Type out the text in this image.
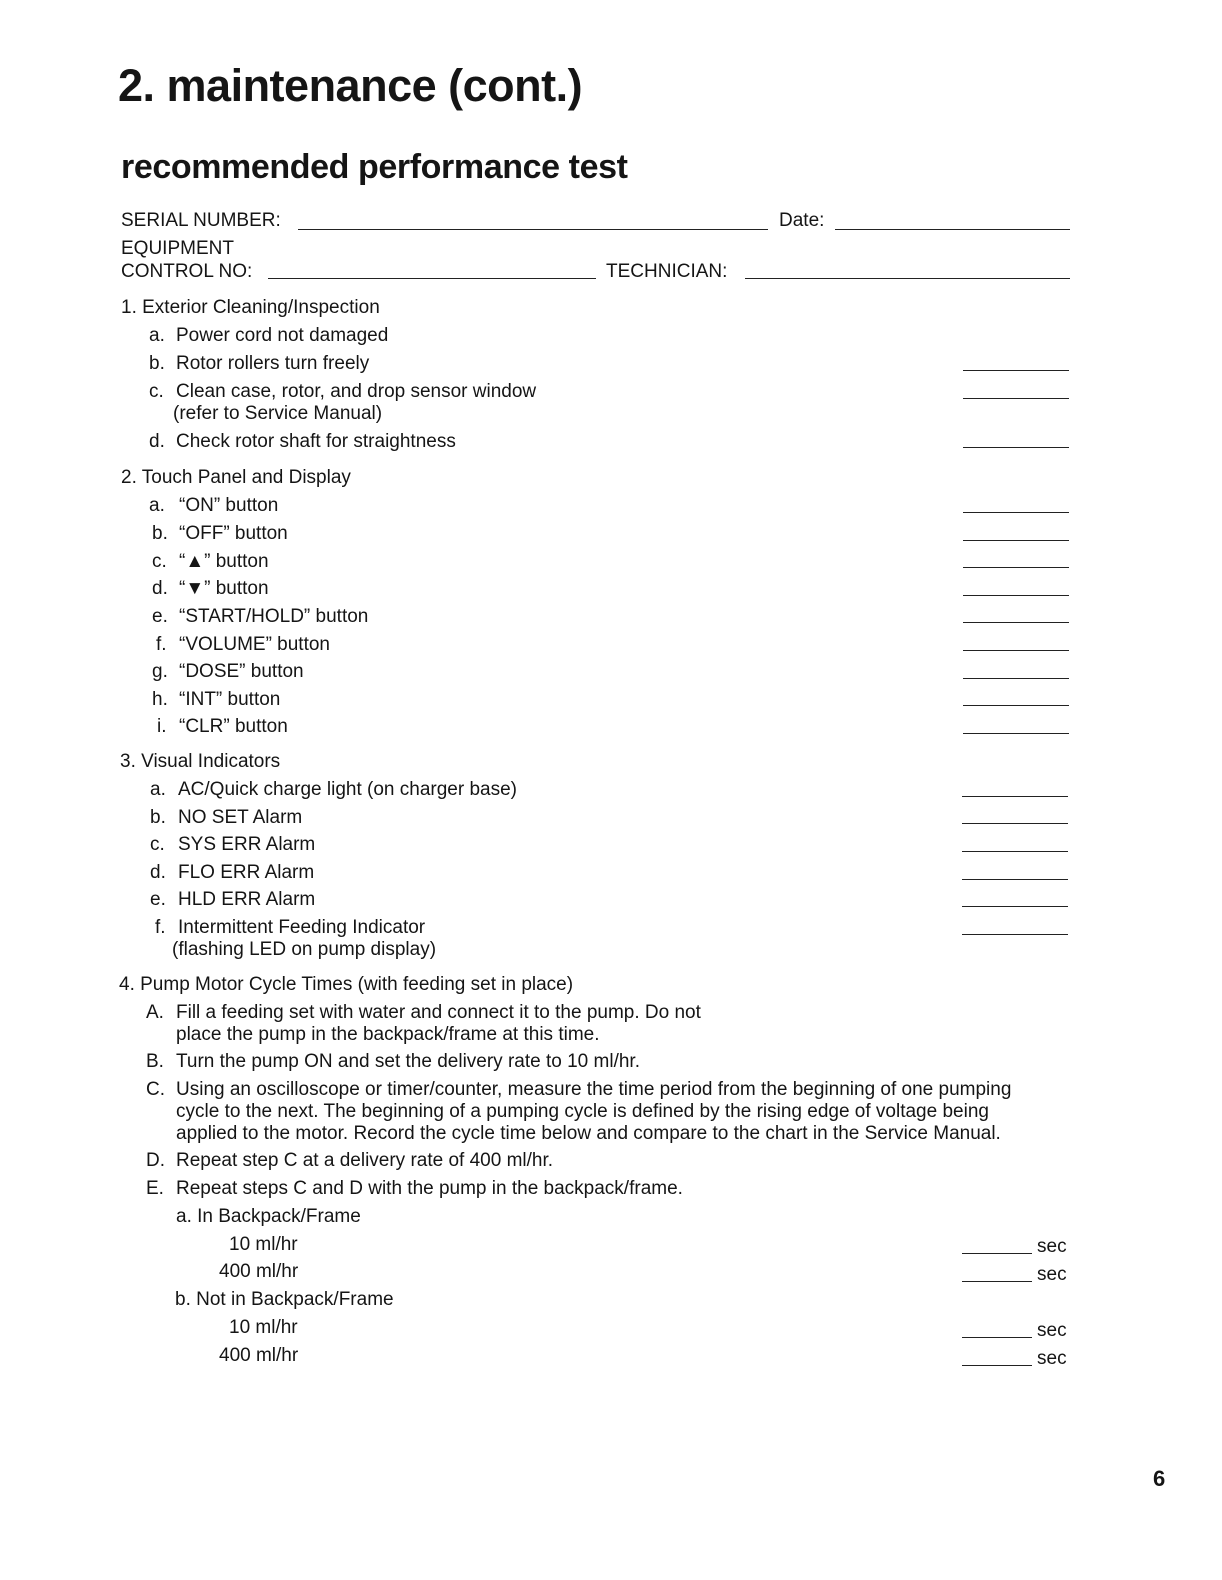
2. maintenance (cont.)
recommended performance test
SERIAL NUMBER:	Date:
EQUIPMENT
CONTROL NO:	TECHNICIAN:
1. Exterior Cleaning/Inspection
a. Power cord not damaged
b. Rotor rollers turn freely
c. Clean case, rotor, and drop sensor window
(refer to Service Manual)
d. Check rotor shaft for straightness
2. Touch Panel and Display
a. “ON” button
b. “OFF” button
c. “▲” button
d. “▼” button
e. “START/HOLD” button
f. “VOLUME” button
g. “DOSE” button
h. “INT” button
i. “CLR” button
3. Visual Indicators
a. AC/Quick charge light (on charger base)
b. NO SET Alarm
c. SYS ERR Alarm
d. FLO ERR Alarm
e. HLD ERR Alarm
f. Intermittent Feeding Indicator
(flashing LED on pump display)
4. Pump Motor Cycle Times (with feeding set in place)
A. Fill a feeding set with water and connect it to the pump. Do not
place the pump in the backpack/frame at this time.
B. Turn the pump ON and set the delivery rate to 10 ml/hr.
C. Using an oscilloscope or timer/counter, measure the time period from the beginning of one pumping
cycle to the next. The beginning of a pumping cycle is defined by the rising edge of voltage being
applied to the motor. Record the cycle time below and compare to the chart in the Service Manual.
D. Repeat step C at a delivery rate of 400 ml/hr.
E. Repeat steps C and D with the pump in the backpack/frame.
a. In Backpack/Frame
10 ml/hr	sec
400 ml/hr	sec
b. Not in Backpack/Frame
10 ml/hr	sec
400 ml/hr	sec
6
